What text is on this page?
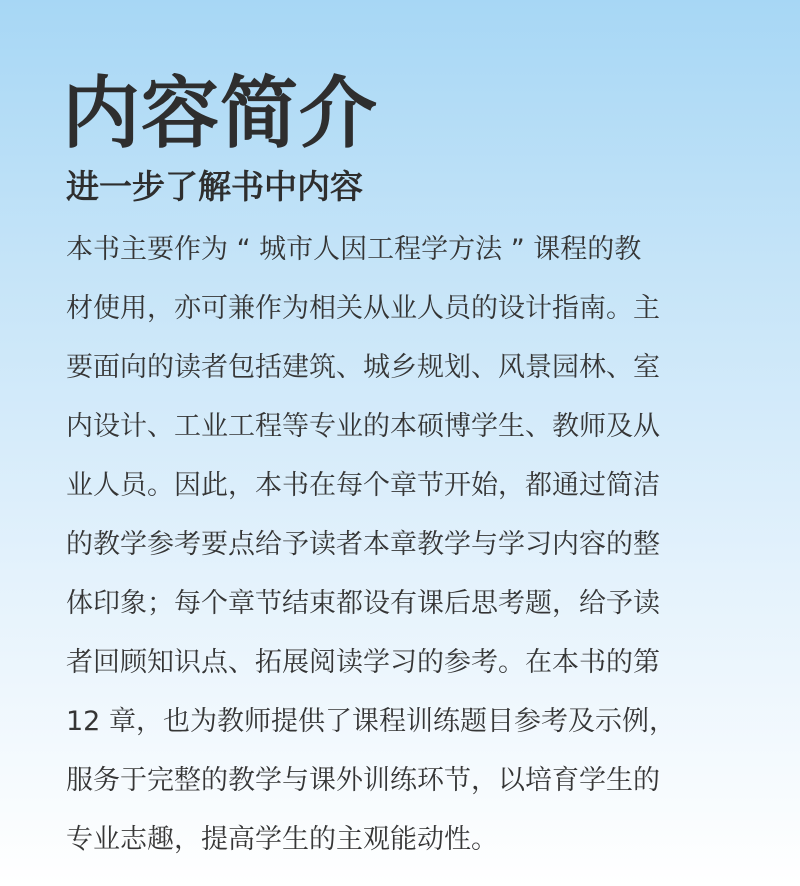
内容简介
进一步了解书中内容

本书主要作为 “ 城市人因工程学方法 ” 课程的教
材使用，亦可兼作为相关从业人员的设计指南。主
要面向的读者包括建筑、城乡规划、风景园林、室
内设计、工业工程等专业的本硕博学生、教师及从
业人员。因此，本书在每个章节开始，都通过简洁
的教学参考要点给予读者本章教学与学习内容的整
体印象；每个章节结束都设有课后思考题，给予读
者回顾知识点、拓展阅读学习的参考。在本书的第
12 章，也为教师提供了课程训练题目参考及示例，
服务于完整的教学与课外训练环节，以培育学生的
专业志趣，提高学生的主观能动性。
